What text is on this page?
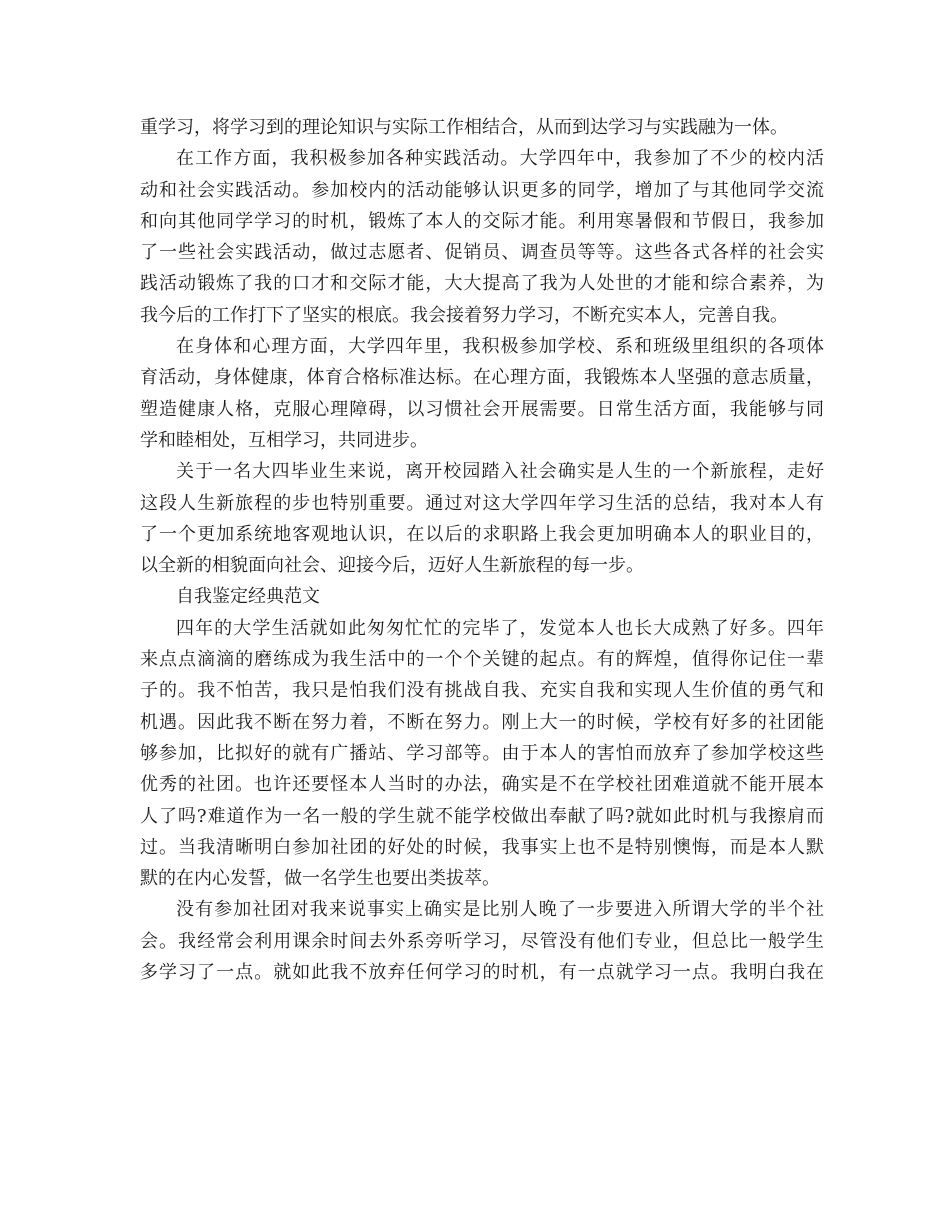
重学习，将学习到的理论知识与实际工作相结合，从而到达学习与实践融为一体。
在工作方面，我积极参加各种实践活动。大学四年中，我参加了不少的校内活
动和社会实践活动。参加校内的活动能够认识更多的同学，增加了与其他同学交流
和向其他同学学习的时机，锻炼了本人的交际才能。利用寒暑假和节假日，我参加
了一些社会实践活动，做过志愿者、促销员、调查员等等。这些各式各样的社会实
践活动锻炼了我的口才和交际才能，大大提高了我为人处世的才能和综合素养，为
我今后的工作打下了坚实的根底。我会接着努力学习，不断充实本人，完善自我。
在身体和心理方面，大学四年里，我积极参加学校、系和班级里组织的各项体
育活动，身体健康，体育合格标准达标。在心理方面，我锻炼本人坚强的意志质量，
塑造健康人格，克服心理障碍，以习惯社会开展需要。日常生活方面，我能够与同
学和睦相处，互相学习，共同进步。
关于一名大四毕业生来说，离开校园踏入社会确实是人生的一个新旅程，走好
这段人生新旅程的步也特别重要。通过对这大学四年学习生活的总结，我对本人有
了一个更加系统地客观地认识，在以后的求职路上我会更加明确本人的职业目的，
以全新的相貌面向社会、迎接今后，迈好人生新旅程的每一步。
自我鉴定经典范文
四年的大学生活就如此匆匆忙忙的完毕了，发觉本人也长大成熟了好多。四年
来点点滴滴的磨练成为我生活中的一个个关键的起点。有的辉煌，值得你记住一辈
子的。我不怕苦，我只是怕我们没有挑战自我、充实自我和实现人生价值的勇气和
机遇。因此我不断在努力着，不断在努力。刚上大一的时候，学校有好多的社团能
够参加，比拟好的就有广播站、学习部等。由于本人的害怕而放弃了参加学校这些
优秀的社团。也许还要怪本人当时的办法，确实是不在学校社团难道就不能开展本
人了吗?难道作为一名一般的学生就不能学校做出奉献了吗?就如此时机与我擦肩而
过。当我清晰明白参加社团的好处的时候，我事实上也不是特别懊悔，而是本人默
默的在内心发誓，做一名学生也要出类拔萃。
没有参加社团对我来说事实上确实是比别人晚了一步要进入所谓大学的半个社
会。我经常会利用课余时间去外系旁听学习，尽管没有他们专业，但总比一般学生
多学习了一点。就如此我不放弃任何学习的时机，有一点就学习一点。我明白我在
